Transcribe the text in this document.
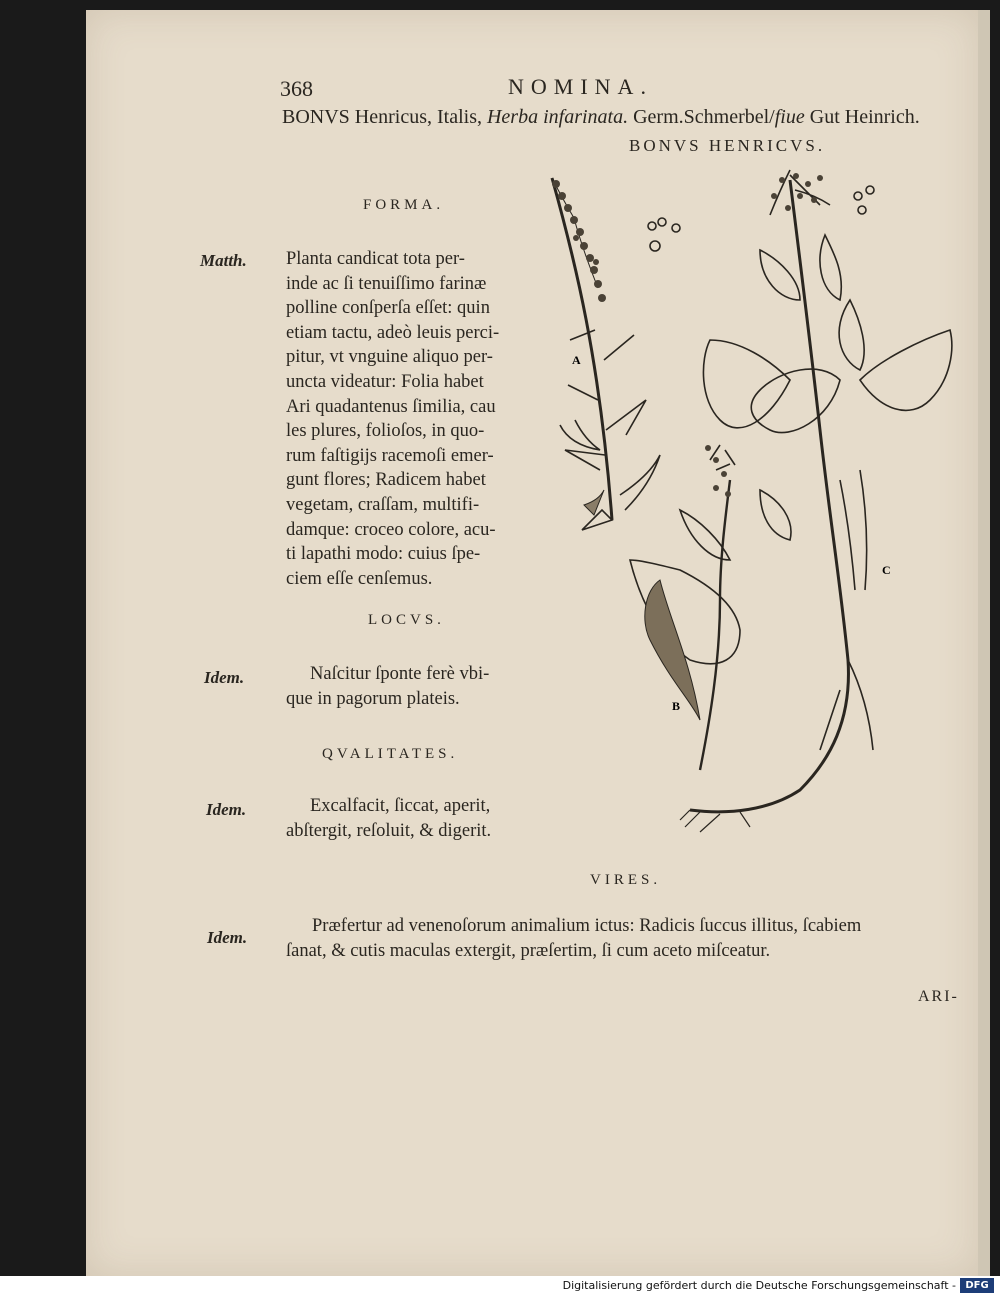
368	NOMINA.
BONVS Henricus, Italis, Herba infarinata. Germ.Schmerbel/fiue Gut Heinrich.
BONVS HENRICVS.
FORMA.
Matth. Planta candicat tota per-
inde ac ſi tenuiſſimo farinæ
polline conſperſa eſſet: quin
etiam tactu, adeò leuis perci-
pitur, vt vnguine aliquo per-
uncta videatur: Folia habet
Ari quadantenus ſimilia, cau
les plures, folioſos, in quo-
rum faſtigijs racemoſi emer-
gunt flores; Radicem habet
vegetam, craſſam, multifi-
damque: croceo colore, acu-
ti lapathi modo: cuius ſpe-
ciem eſſe cenſemus.
LOCVS.
Idem.	Naſcitur ſponte ferè vbi-
que in pagorum plateis.
QVALITATES.
Idem.	Excalfacit, ſiccat, aperit,
abſtergit, reſoluit, & digerit.
VIRES.
Idem.
Præfertur ad venenoſorum animalium ictus: Radicis ſuccus illitus, ſcabiem
ſanat, & cutis maculas extergit, præſertim, ſi cum aceto miſceatur.
ARI-
A
B
C
Digitalisierung gefördert durch die Deutsche Forschungsgemeinschaft - DFG
